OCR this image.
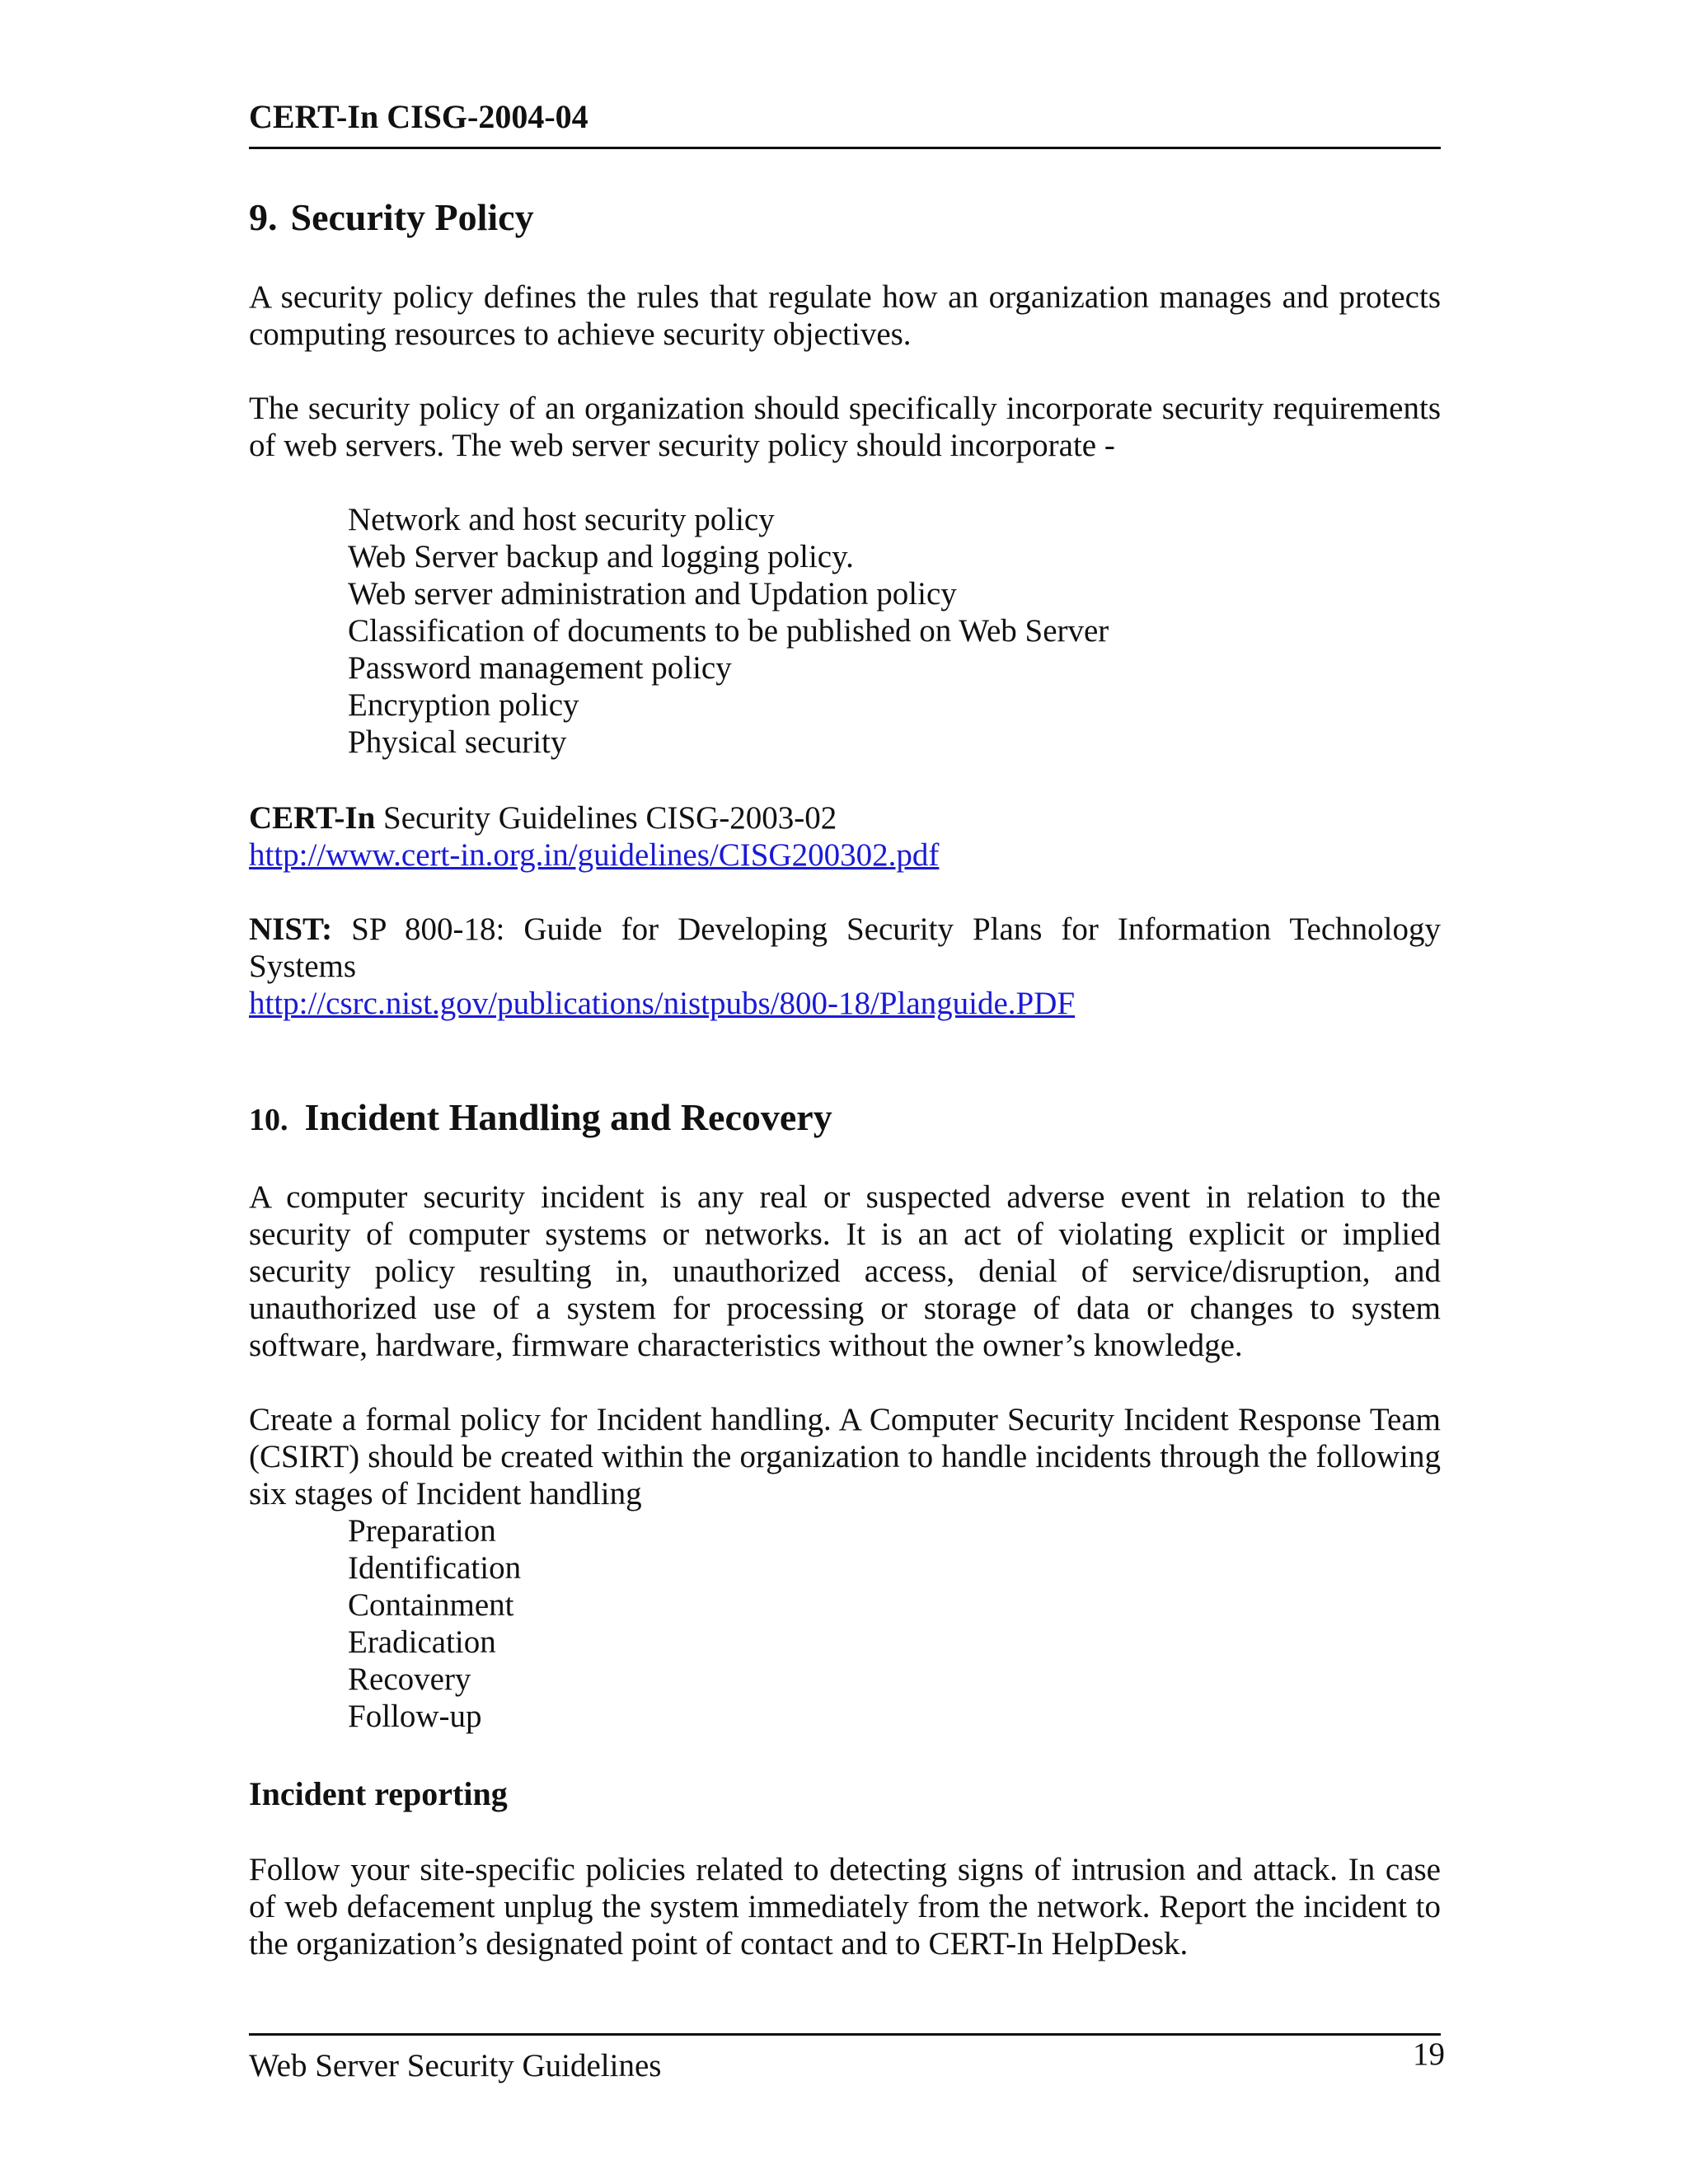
CERT-In CISG-2004-04
9. Security Policy

A security policy defines the rules that regulate how an organization manages and protects computing resources to achieve security objectives.

The security policy of an organization should specifically incorporate security requirements of web servers. The web server security policy should incorporate -

Network and host security policy
Web Server backup and logging policy.
Web server administration and Updation policy
Classification of documents to be published on Web Server
Password management policy
Encryption policy
Physical security
CERT-In Security Guidelines CISG-2003-02
http://www.cert-in.org.in/guidelines/CISG200302.pdf
NIST: SP 800-18: Guide for Developing Security Plans for Information Technology Systems
http://csrc.nist.gov/publications/nistpubs/800-18/Planguide.PDF
10. Incident Handling and Recovery

A computer security incident is any real or suspected adverse event in relation to the security of computer systems or networks. It is an act of violating explicit or implied security policy resulting in, unauthorized access, denial of service/disruption, and unauthorized use of a system for processing or storage of data or changes to system software, hardware, firmware characteristics without the owner’s knowledge.

Create a formal policy for Incident handling. A Computer Security Incident Response Team (CSIRT) should be created within the organization to handle incidents through the following six stages of Incident handling

Preparation
Identification
Containment
Eradication
Recovery
Follow-up
Incident reporting

Follow your site-specific policies related to detecting signs of intrusion and attack. In case of web defacement unplug the system immediately from the network. Report the incident to the organization’s designated point of contact and to CERT-In HelpDesk.

Web Server Security Guidelines	19
